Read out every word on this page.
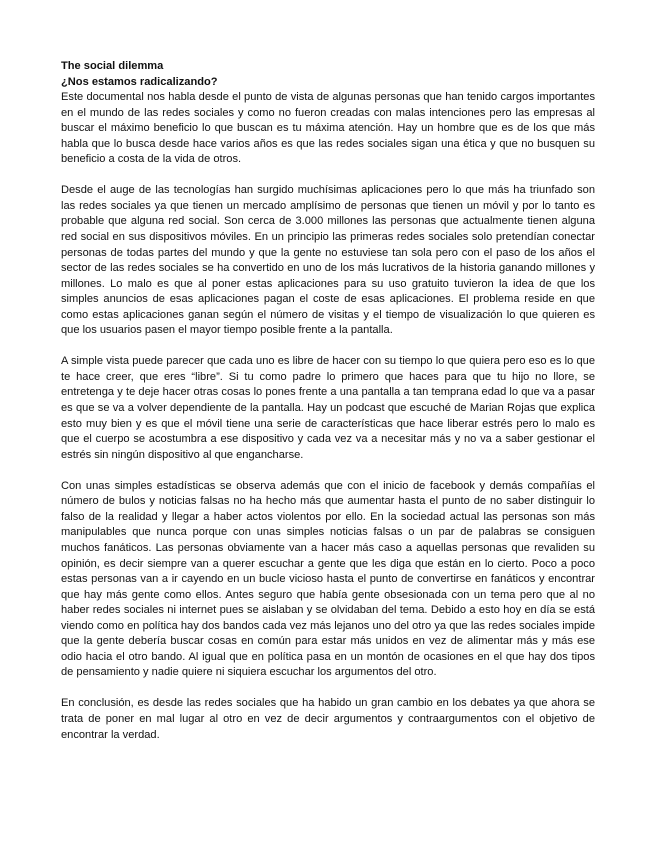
The social dilemma

¿Nos estamos radicalizando?

Este documental nos habla desde el punto de vista de algunas personas que han tenido cargos importantes en el mundo de las redes sociales y como no fueron creadas con malas intenciones pero las empresas al buscar el máximo beneficio lo que buscan es tu máxima atención. Hay un hombre que es de los que más habla que lo busca desde hace varios años es que las redes sociales sigan una ética y que no busquen su beneficio a costa de la vida de otros.

Desde el auge de las tecnologías han surgido muchísimas aplicaciones pero lo que más ha triunfado son las redes sociales ya que tienen un mercado amplísimo de personas que tienen un móvil y por lo tanto es probable que alguna red social. Son cerca de 3.000 millones las personas que actualmente tienen alguna red social en sus dispositivos móviles. En un principio las primeras redes sociales solo pretendían conectar personas de todas partes del mundo y que la gente no estuviese tan sola pero con el paso de los años el sector de las redes sociales se ha convertido en uno de los más lucrativos de la historia ganando millones y millones. Lo malo es que al poner estas aplicaciones para su uso gratuito tuvieron la idea de que los simples anuncios de esas aplicaciones pagan el coste de esas aplicaciones. El problema reside en que como estas aplicaciones ganan según el número de visitas y el tiempo de visualización lo que quieren es que los usuarios pasen el mayor tiempo posible frente a la pantalla.

A simple vista puede parecer que cada uno es libre de hacer con su tiempo lo que quiera pero eso es lo que te hace creer, que eres “libre”. Si tu como padre lo primero que haces para que tu hijo no llore, se entretenga y te deje hacer otras cosas lo pones frente a una pantalla a tan temprana edad lo que va a pasar es que se va a volver dependiente de la pantalla. Hay un podcast que escuché de Marian Rojas que explica esto muy bien y es que el móvil tiene una serie de características que hace liberar estrés pero lo malo es que el cuerpo se acostumbra a ese dispositivo y cada vez va a necesitar más y no va a saber gestionar el estrés sin ningún dispositivo al que engancharse.

Con unas simples estadísticas se observa además que con el inicio de facebook y demás compañías el número de bulos y noticias falsas no ha hecho más que aumentar hasta el punto de no saber distinguir lo falso de la realidad y llegar a haber actos violentos por ello. En la sociedad actual las personas son más manipulables que nunca porque con unas simples noticias falsas o un par de palabras se consiguen muchos fanáticos. Las personas obviamente van a hacer más caso a aquellas personas que revaliden su opinión, es decir siempre van a querer escuchar a gente que les diga que están en lo cierto. Poco a poco estas personas van a ir cayendo en un bucle vicioso hasta el punto de convertirse en fanáticos y encontrar que hay más gente como ellos. Antes seguro que había gente obsesionada con un tema pero que al no haber redes sociales ni internet pues se aislaban y se olvidaban del tema. Debido a esto hoy en día se está viendo como en política hay dos bandos cada vez más lejanos uno del otro ya que las redes sociales impide que la gente debería buscar cosas en común para estar más unidos en vez de alimentar más y más ese odio hacia el otro bando. Al igual que en política pasa en un montón de ocasiones en el que hay dos tipos de pensamiento y nadie quiere ni siquiera escuchar los argumentos del otro.

En conclusión, es desde las redes sociales que ha habido un gran cambio en los debates ya que ahora se trata de poner en mal lugar al otro en vez de decir argumentos y contraargumentos con el objetivo de encontrar la verdad.
